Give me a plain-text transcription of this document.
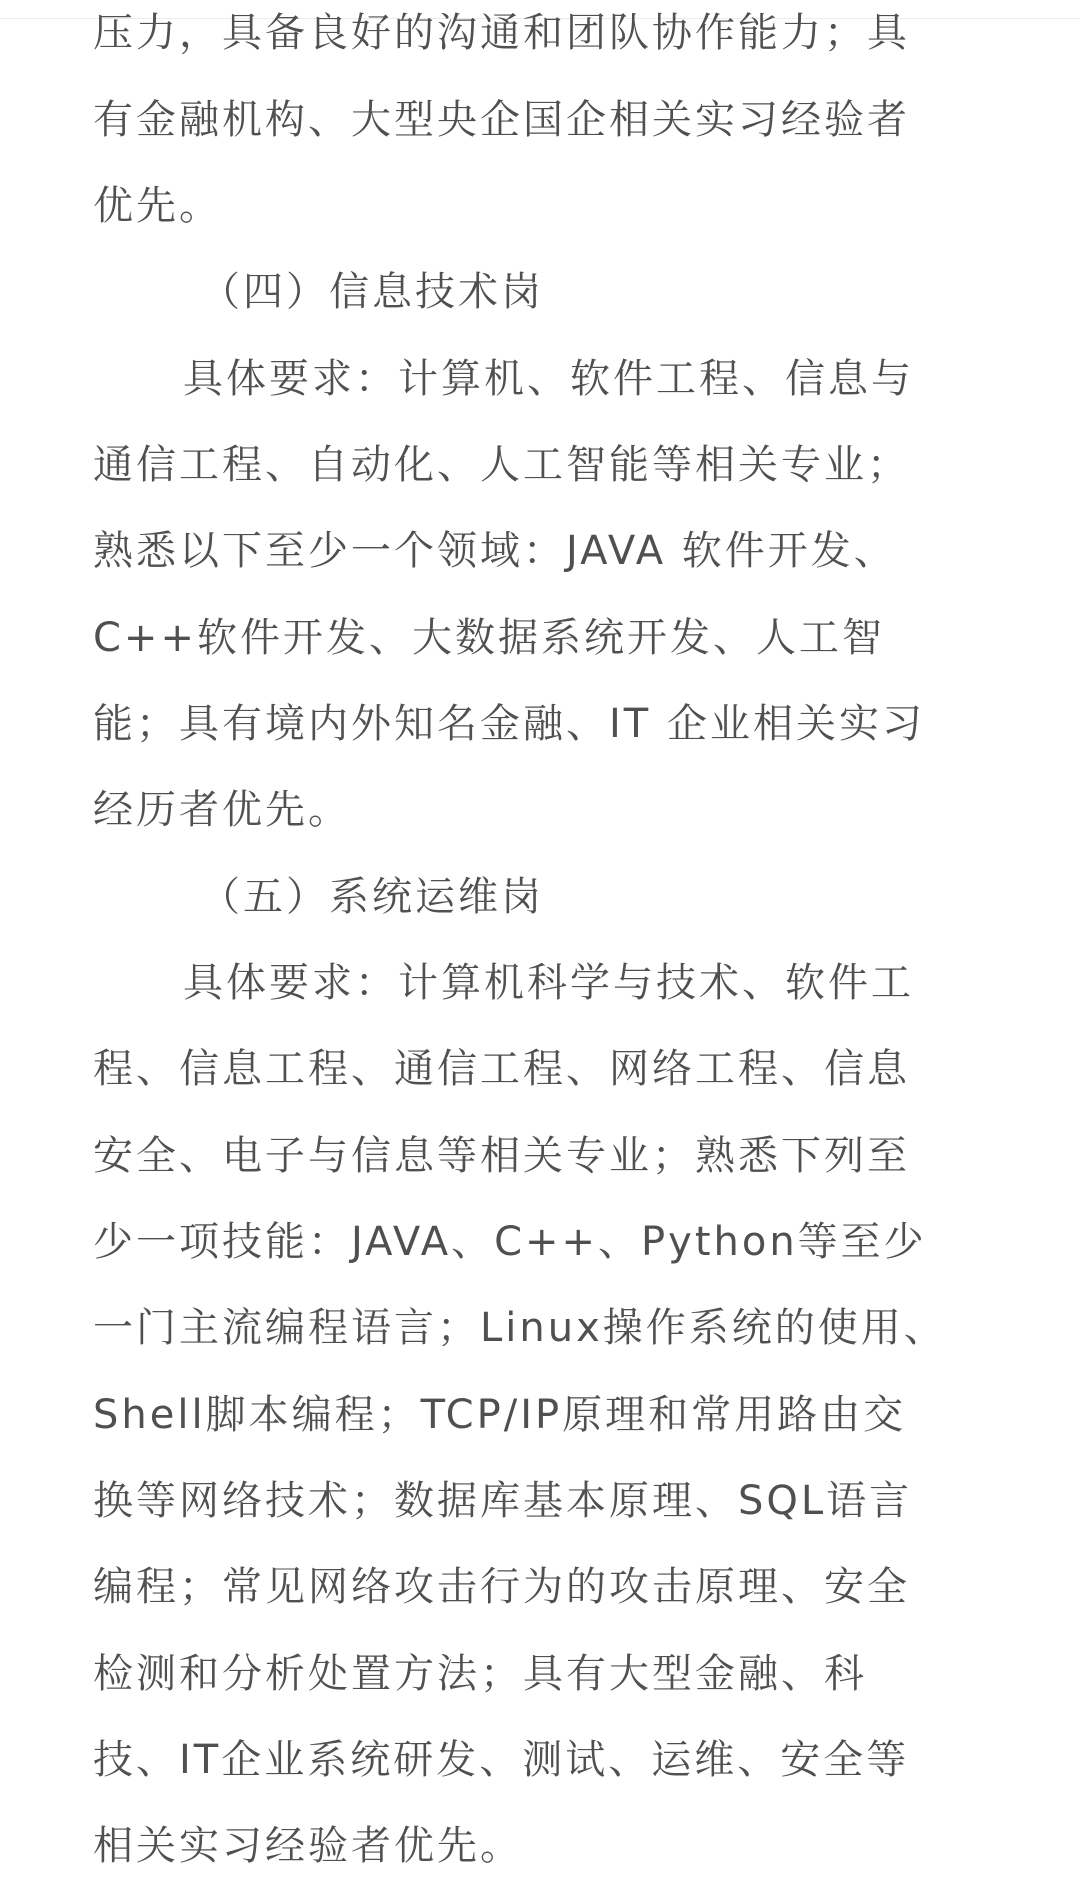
压力，具备良好的沟通和团队协作能力；具
有金融机构、大型央企国企相关实习经验者
优先。
（四）信息技术岗
具体要求：计算机、软件工程、信息与
通信工程、自动化、人工智能等相关专业；
熟悉以下至少一个领域：JAVA 软件开发、
C++软件开发、大数据系统开发、人工智
能；具有境内外知名金融、IT 企业相关实习
经历者优先。
（五）系统运维岗
具体要求：计算机科学与技术、软件工
程、信息工程、通信工程、网络工程、信息
安全、电子与信息等相关专业；熟悉下列至
少一项技能：JAVA、C++、Python等至少
一门主流编程语言；Linux操作系统的使用、
Shell脚本编程；TCP/IP原理和常用路由交
换等网络技术；数据库基本原理、SQL语言
编程；常见网络攻击行为的攻击原理、安全
检测和分析处置方法；具有大型金融、科
技、IT企业系统研发、测试、运维、安全等
相关实习经验者优先。
